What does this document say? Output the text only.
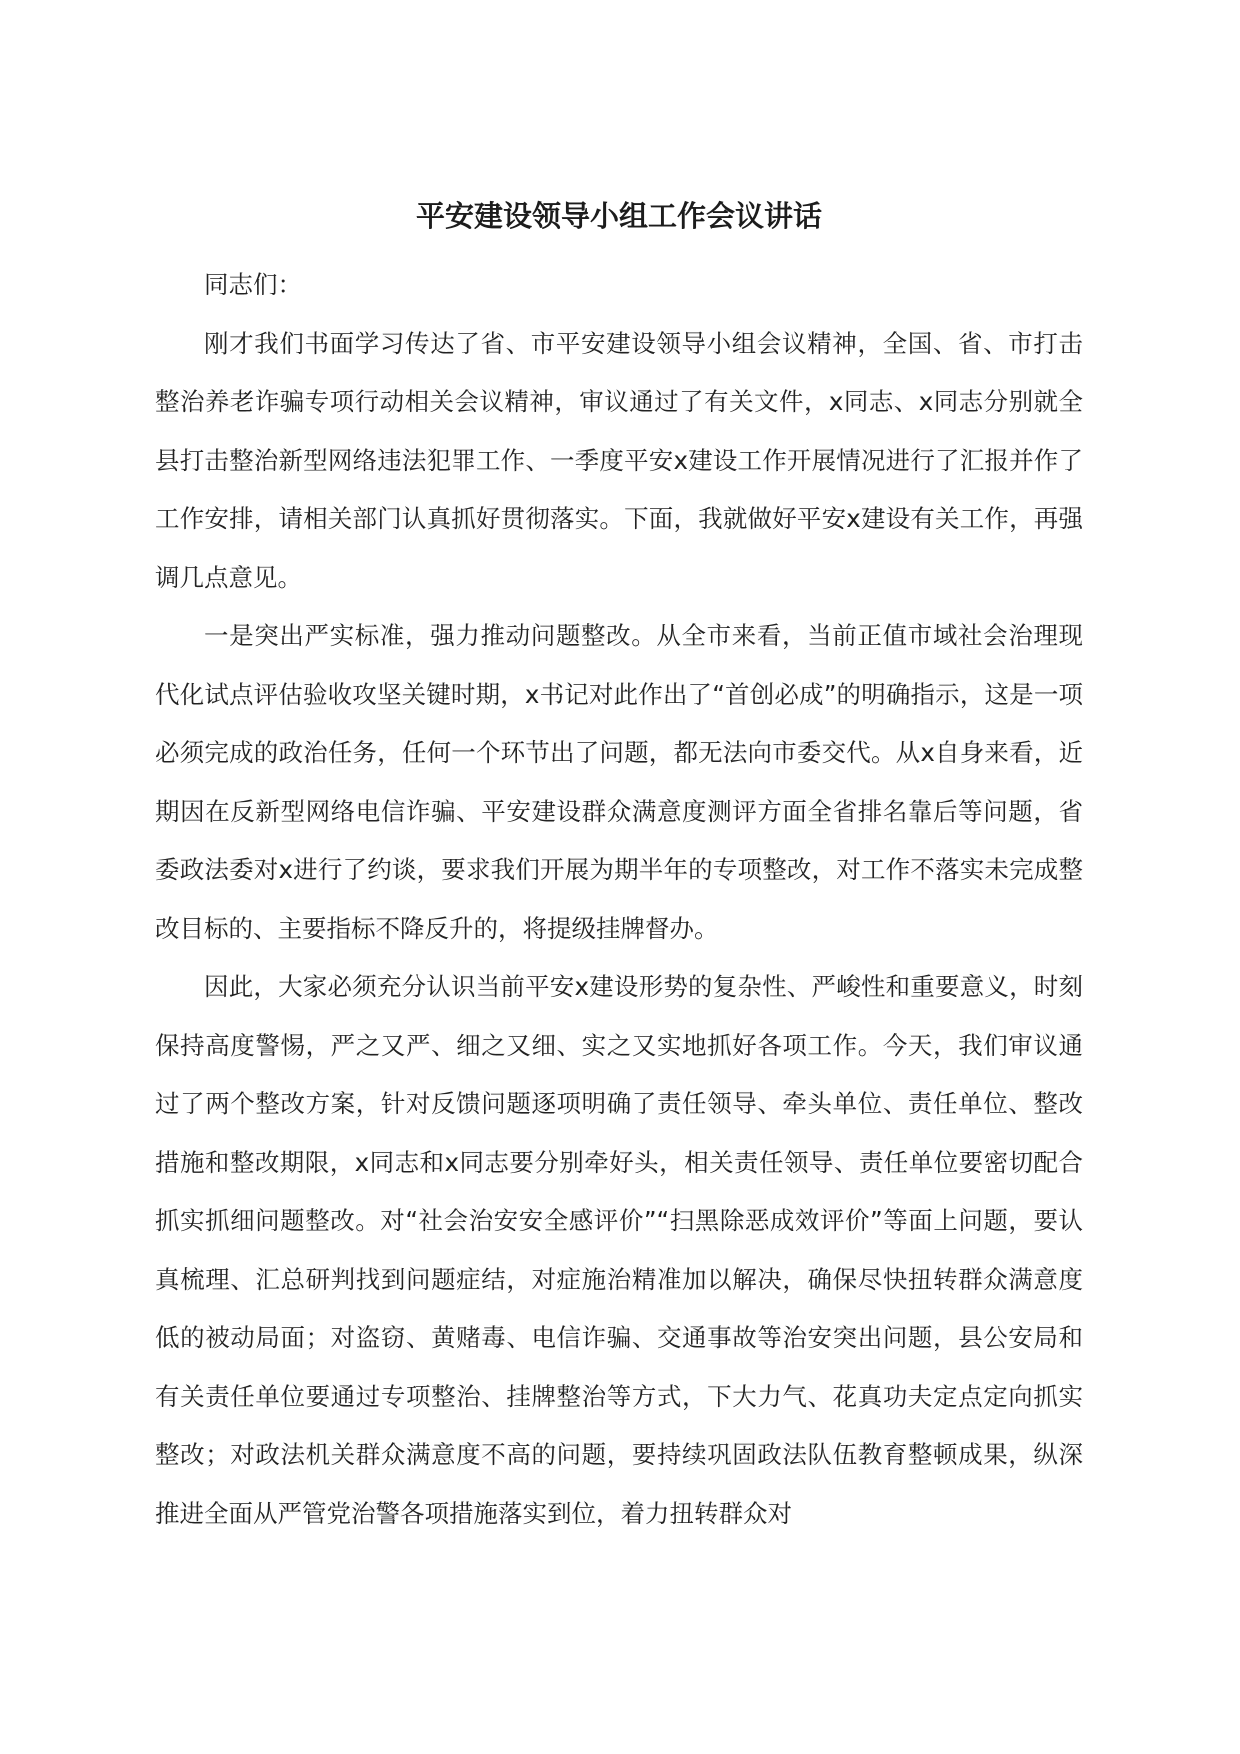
平安建设领导小组工作会议讲话

同志们：

刚才我们书面学习传达了省、市平安建设领导小组会议精神，全国、省、市打击整治养老诈骗专项行动相关会议精神，审议通过了有关文件，x同志、x同志分别就全县打击整治新型网络违法犯罪工作、一季度平安x建设工作开展情况进行了汇报并作了工作安排，请相关部门认真抓好贯彻落实。下面，我就做好平安x建设有关工作，再强调几点意见。

一是突出严实标准，强力推动问题整改。从全市来看，当前正值市域社会治理现代化试点评估验收攻坚关键时期，x书记对此作出了“首创必成”的明确指示，这是一项必须完成的政治任务，任何一个环节出了问题，都无法向市委交代。从x自身来看，近期因在反新型网络电信诈骗、平安建设群众满意度测评方面全省排名靠后等问题，省委政法委对x进行了约谈，要求我们开展为期半年的专项整改，对工作不落实未完成整改目标的、主要指标不降反升的，将提级挂牌督办。

因此，大家必须充分认识当前平安x建设形势的复杂性、严峻性和重要意义，时刻保持高度警惕，严之又严、细之又细、实之又实地抓好各项工作。今天，我们审议通过了两个整改方案，针对反馈问题逐项明确了责任领导、牵头单位、责任单位、整改措施和整改期限，x同志和x同志要分别牵好头，相关责任领导、责任单位要密切配合抓实抓细问题整改。对“社会治安安全感评价”“扫黑除恶成效评价”等面上问题，要认真梳理、汇总研判找到问题症结，对症施治精准加以解决，确保尽快扭转群众满意度低的被动局面；对盗窃、黄赌毒、电信诈骗、交通事故等治安突出问题，县公安局和有关责任单位要通过专项整治、挂牌整治等方式，下大力气、花真功夫定点定向抓实整改；对政法机关群众满意度不高的问题，要持续巩固政法队伍教育整顿成果，纵深推进全面从严管党治警各项措施落实到位，着力扭转群众对
